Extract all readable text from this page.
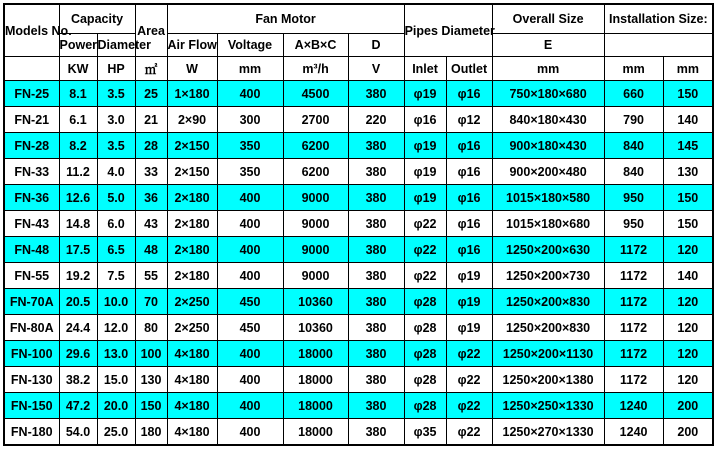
Models No.	Capacity		Area	Fan Motor				Pipes Diameter		Overall Size	Installation Size:	
	Power	Diameter		Air Flow	Voltage	A×B×C	D			E		
	KW	HP	㎡	W	mm	m³/h	V	Inlet	Outlet	mm	mm	mm
FN-25	8.1	3.5	25	1×180	400	4500	380	φ19	φ16	750×180×680	660	150
FN-21	6.1	3.0	21	2×90	300	2700	220	φ16	φ12	840×180×430	790	140
FN-28	8.2	3.5	28	2×150	350	6200	380	φ19	φ16	900×180×430	840	145
FN-33	11.2	4.0	33	2×150	350	6200	380	φ19	φ16	900×200×480	840	130
FN-36	12.6	5.0	36	2×180	400	9000	380	φ19	φ16	1015×180×580	950	150
FN-43	14.8	6.0	43	2×180	400	9000	380	φ22	φ16	1015×180×680	950	150
FN-48	17.5	6.5	48	2×180	400	9000	380	φ22	φ16	1250×200×630	1172	120
FN-55	19.2	7.5	55	2×180	400	9000	380	φ22	φ19	1250×200×730	1172	140
FN-70A	20.5	10.0	70	2×250	450	10360	380	φ28	φ19	1250×200×830	1172	120
FN-80A	24.4	12.0	80	2×250	450	10360	380	φ28	φ19	1250×200×830	1172	120
FN-100	29.6	13.0	100	4×180	400	18000	380	φ28	φ22	1250×200×1130	1172	120
FN-130	38.2	15.0	130	4×180	400	18000	380	φ28	φ22	1250×200×1380	1172	120
FN-150	47.2	20.0	150	4×180	400	18000	380	φ28	φ22	1250×250×1330	1240	200
FN-180	54.0	25.0	180	4×180	400	18000	380	φ35	φ22	1250×270×1330	1240	200
